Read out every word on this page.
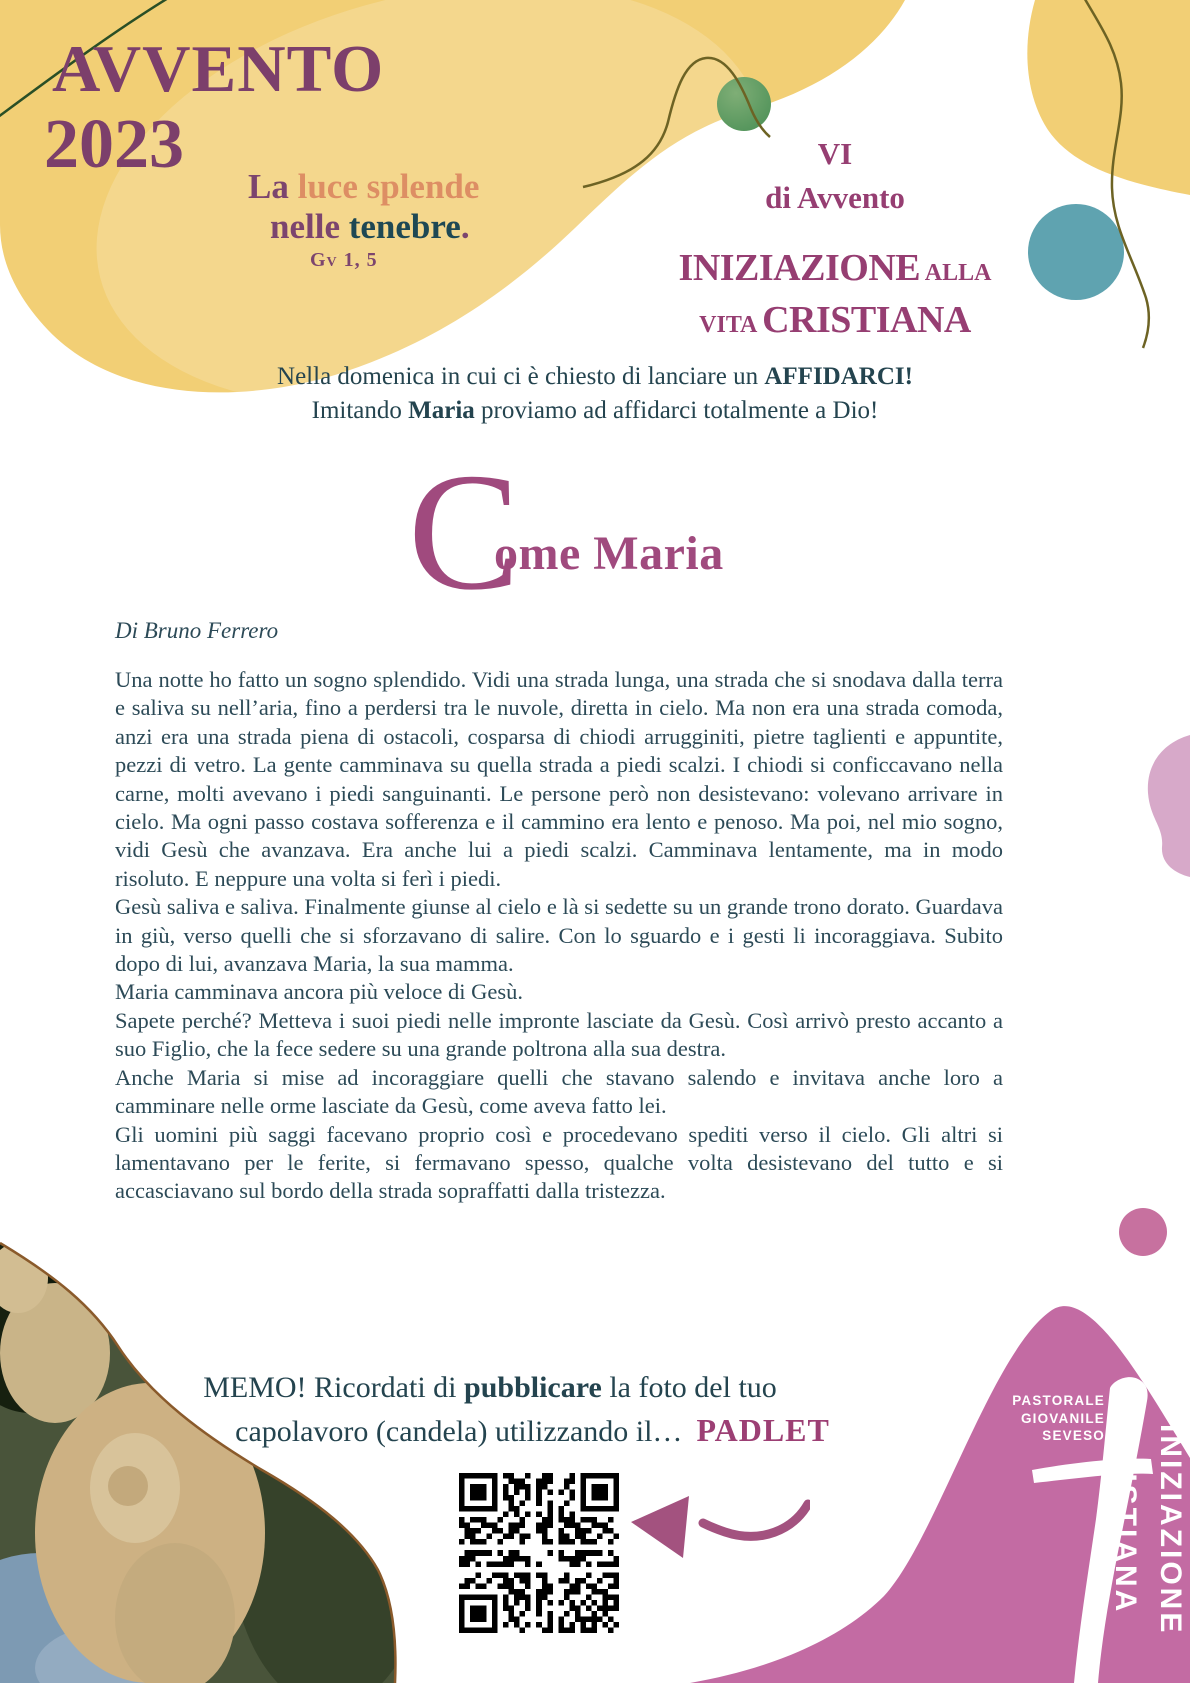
AVVENTO
2023
La luce splende
nelle tenebre.
Gv 1, 5
VI
di Avvento
INIZIAZIONE ALLA
VITA CRISTIANA
Nella domenica in cui ci è chiesto di lanciare un AFFIDARCI!
Imitando Maria proviamo ad affidarci totalmente a Dio!
C
ome Maria
Di Bruno Ferrero

Una notte ho fatto un sogno splendido. Vidi una strada lunga, una strada che si snodava dalla terra e saliva su nell’aria, fino a perdersi tra le nuvole, diretta in cielo. Ma non era una strada comoda, anzi era una strada piena di ostacoli, cosparsa di chiodi arrugginiti, pietre taglienti e appuntite, pezzi di vetro. La gente camminava su quella strada a piedi scalzi. I chiodi si conficcavano nella carne, molti avevano i piedi sanguinanti. Le persone però non desistevano: volevano arrivare in cielo. Ma ogni passo costava sofferenza e il cammino era lento e penoso. Ma poi, nel mio sogno, vidi Gesù che avanzava. Era anche lui a piedi scalzi. Camminava lentamente, ma in modo risoluto. E neppure una volta si ferì i piedi.

Gesù saliva e saliva. Finalmente giunse al cielo e là si sedette su un grande trono dorato. Guardava in giù, verso quelli che si sforzavano di salire. Con lo sguardo e i gesti li incoraggiava. Subito dopo di lui, avanzava Maria, la sua mamma.

Maria camminava ancora più veloce di Gesù.

Sapete perché? Metteva i suoi piedi nelle impronte lasciate da Gesù. Così arrivò presto accanto a suo Figlio, che la fece sedere su una grande poltrona alla sua destra.

Anche Maria si mise ad incoraggiare quelli che stavano salendo e invitava anche loro a camminare nelle orme lasciate da Gesù, come aveva fatto lei.

Gli uomini più saggi facevano proprio così e procedevano spediti verso il cielo. Gli altri si lamentavano per le ferite, si fermavano spesso, qualche volta desistevano del tutto e si accasciavano sul bordo della strada sopraffatti dalla tristezza.

MEMO! Ricordati di pubblicare la foto del tuo
capolavoro (candela) utilizzando il… PADLET
PASTORALE
GIOVANILE
SEVESO INIZIAZIONE
CRISTIANA
